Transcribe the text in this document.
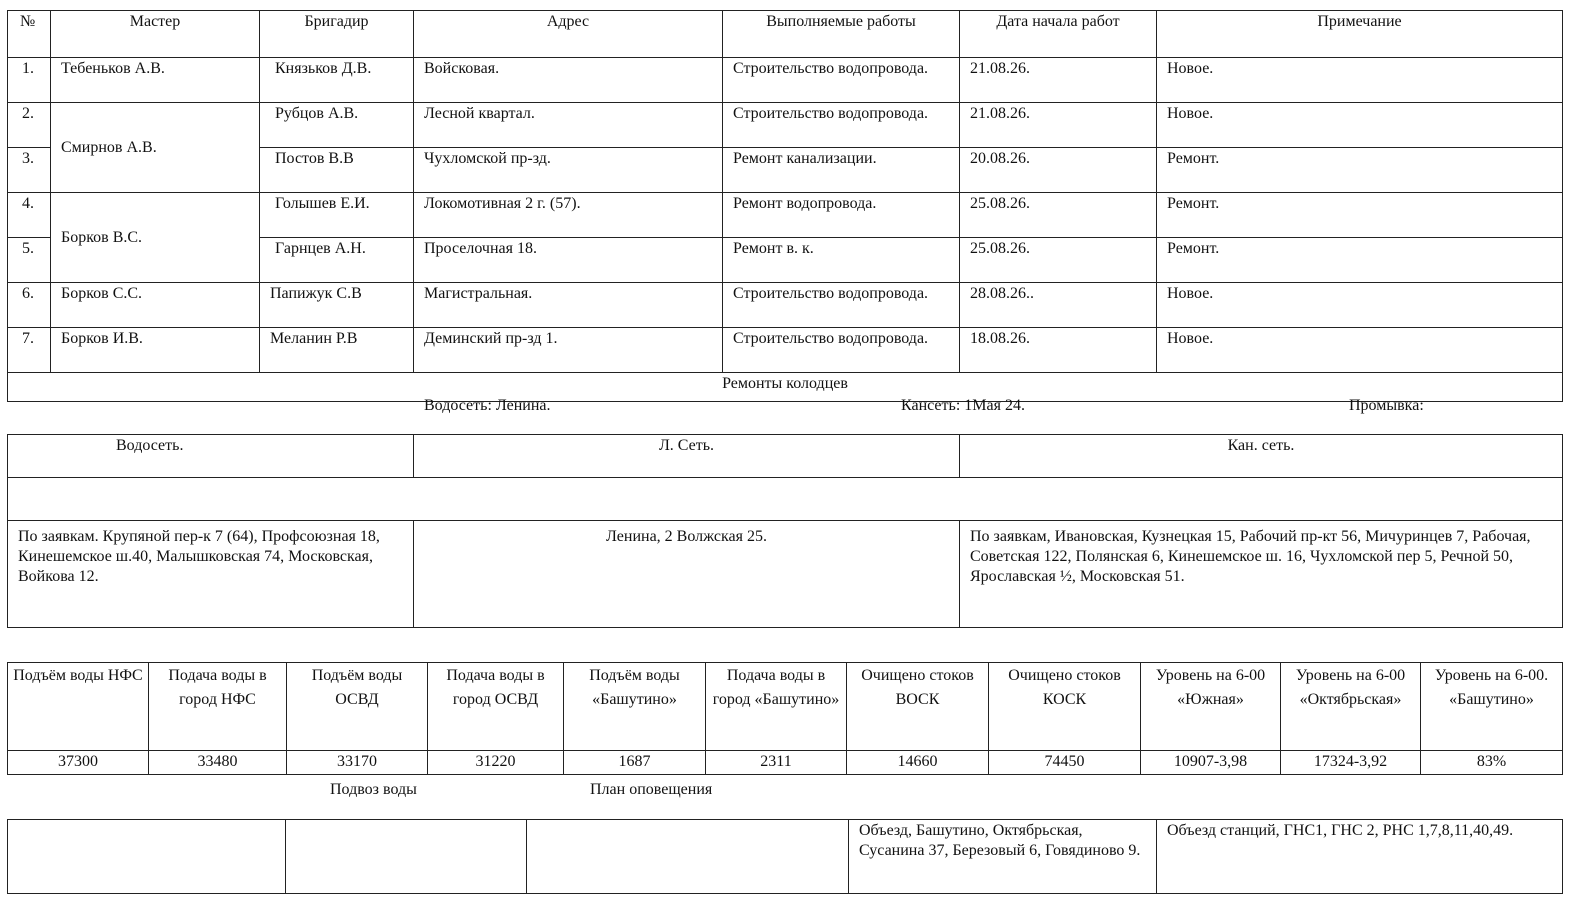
№	Мастер	Бригадир	Адрес	Выполняемые работы	Дата начала работ	Примечание
1.	Тебеньков А.В.	Князьков Д.В.	Войсковая.	Строительство водопровода.	21.08.26.	Новое.
2.	Смирнов А.В.	Рубцов А.В.	Лесной квартал.	Строительство водопровода.	21.08.26.	Новое.
3.		Постов В.В	Чухломской пр-зд.	Ремонт канализации.	20.08.26.	Ремонт.
4.	Борков В.С.	Голышев Е.И.	Локомотивная 2 г. (57).	Ремонт водопровода.	25.08.26.	Ремонт.
5.		Гарнцев А.Н.	Проселочная 18.	Ремонт в. к.	25.08.26.	Ремонт.
6.	Борков С.С.	Папижук С.В	Магистральная.	Строительство водопровода.	28.08.26..	Новое.
7.	Борков И.В.	Меланин Р.В	Деминский пр-зд 1.	Строительство водопровода.	18.08.26.	Новое.
Ремонты колодцев						
Водосеть: Ленина.	Кансеть: 1Мая 24.	Промывка:
Водосеть.	Л. Сеть.	Кан. сеть.

По заявкам. Крупяной пер-к 7 (64), Профсоюзная 18, Кинешемское ш.40, Малышковская 74, Московская, Войкова 12.	Ленина, 2 Волжская 25.	По заявкам, Ивановская, Кузнецкая 15, Рабочий пр-кт 56, Мичуринцев 7, Рабочая, Советская 122, Полянская 6, Кинешемское ш. 16, Чухломской пер 5, Речной 50, Ярославская ½, Московская 51.
Подъём воды НФС	Подача воды в город НФС	Подъём воды ОСВД	Подача воды в город ОСВД	Подъём воды «Башутино»	Подача воды в город «Башутино»	Очищено стоков ВОСК	Очищено стоков КОСК	Уровень на 6-00 «Южная»	Уровень на 6-00 «Октябрьская»	Уровень на 6-00. «Башутино»
37300	33480	33170	31220	1687	2311	14660	74450	10907-3,98	17324-3,92	83%
Подвоз воды	План оповещения
			Объезд, Башутино, Октябрьская, Сусанина 37, Березовый 6, Говядиново 9.	Объезд станций, ГНС1, ГНС 2, РНС 1,7,8,11,40,49.
